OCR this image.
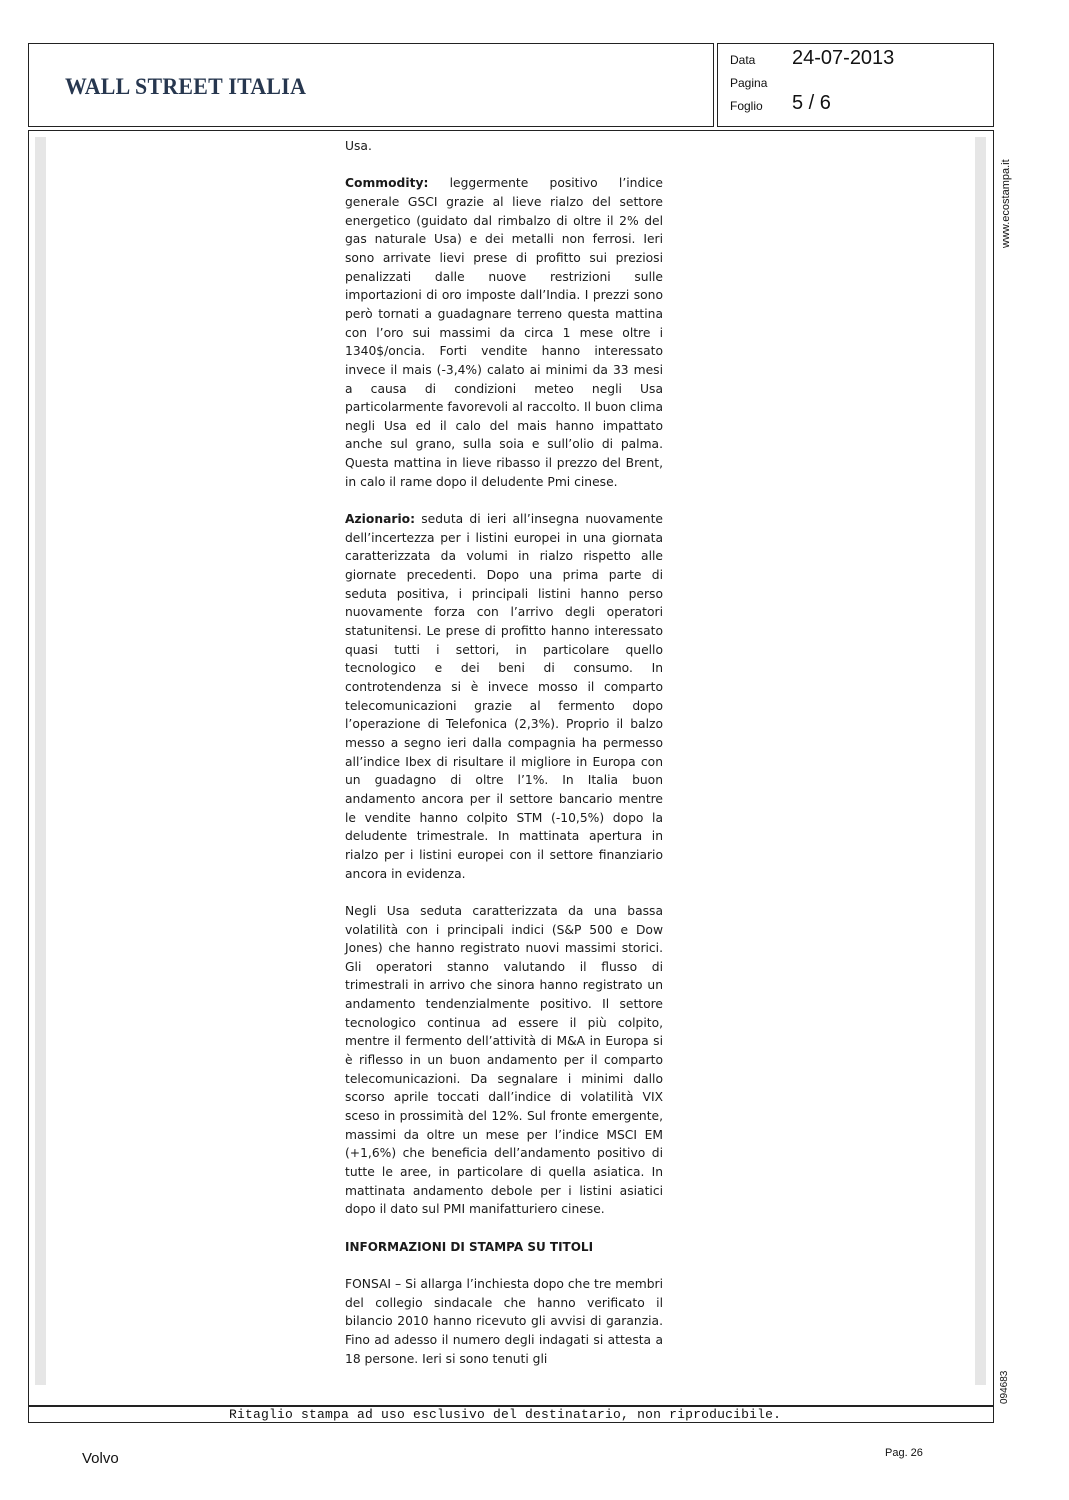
WALL STREET ITALIA
Data 24-07-2013
Pagina
Foglio 5 / 6

Usa.

Commodity: leggermente positivo l’indice generale GSCI grazie al lieve rialzo del settore energetico (guidato dal rimbalzo di oltre il 2% del gas naturale Usa) e dei metalli non ferrosi. Ieri sono arrivate lievi prese di profitto sui preziosi penalizzati dalle nuove restrizioni sulle importazioni di oro imposte dall’India. I prezzi sono però tornati a guadagnare terreno questa mattina con l’oro sui massimi da circa 1 mese oltre i 1340$/oncia. Forti vendite hanno interessato invece il mais (-3,4%) calato ai minimi da 33 mesi a causa di condizioni meteo negli Usa particolarmente favorevoli al raccolto. Il buon clima negli Usa ed il calo del mais hanno impattato anche sul grano, sulla soia e sull’olio di palma. Questa mattina in lieve ribasso il prezzo del Brent, in calo il rame dopo il deludente Pmi cinese.

Azionario: seduta di ieri all’insegna nuovamente dell’incertezza per i listini europei in una giornata caratterizzata da volumi in rialzo rispetto alle giornate precedenti. Dopo una prima parte di seduta positiva, i principali listini hanno perso nuovamente forza con l’arrivo degli operatori statunitensi. Le prese di profitto hanno interessato quasi tutti i settori, in particolare quello tecnologico e dei beni di consumo. In controtendenza si è invece mosso il comparto telecomunicazioni grazie al fermento dopo l’operazione di Telefonica (2,3%). Proprio il balzo messo a segno ieri dalla compagnia ha permesso all’indice Ibex di risultare il migliore in Europa con un guadagno di oltre l’1%. In Italia buon andamento ancora per il settore bancario mentre le vendite hanno colpito STM (-10,5%) dopo la deludente trimestrale. In mattinata apertura in rialzo per i listini europei con il settore finanziario ancora in evidenza.

Negli Usa seduta caratterizzata da una bassa volatilità con i principali indici (S&P 500 e Dow Jones) che hanno registrato nuovi massimi storici. Gli operatori stanno valutando il flusso di trimestrali in arrivo che sinora hanno registrato un andamento tendenzialmente positivo. Il settore tecnologico continua ad essere il più colpito, mentre il fermento dell’attività di M&A in Europa si è riflesso in un buon andamento per il comparto telecomunicazioni. Da segnalare i minimi dallo scorso aprile toccati dall’indice di volatilità VIX sceso in prossimità del 12%. Sul fronte emergente, massimi da oltre un mese per l’indice MSCI EM (+1,6%) che beneficia dell’andamento positivo di tutte le aree, in particolare di quella asiatica. In mattinata andamento debole per i listini asiatici dopo il dato sul PMI manifatturiero cinese.

INFORMAZIONI DI STAMPA SU TITOLI

FONSAI – Si allarga l’inchiesta dopo che tre membri del collegio sindacale che hanno verificato il bilancio 2010 hanno ricevuto gli avvisi di garanzia. Fino ad adesso il numero degli indagati si attesta a 18 persone. Ieri si sono tenuti gli

www.ecostampa.it
094683
Ritaglio stampa ad uso esclusivo del destinatario, non riproducibile.
Volvo	Pag. 26
